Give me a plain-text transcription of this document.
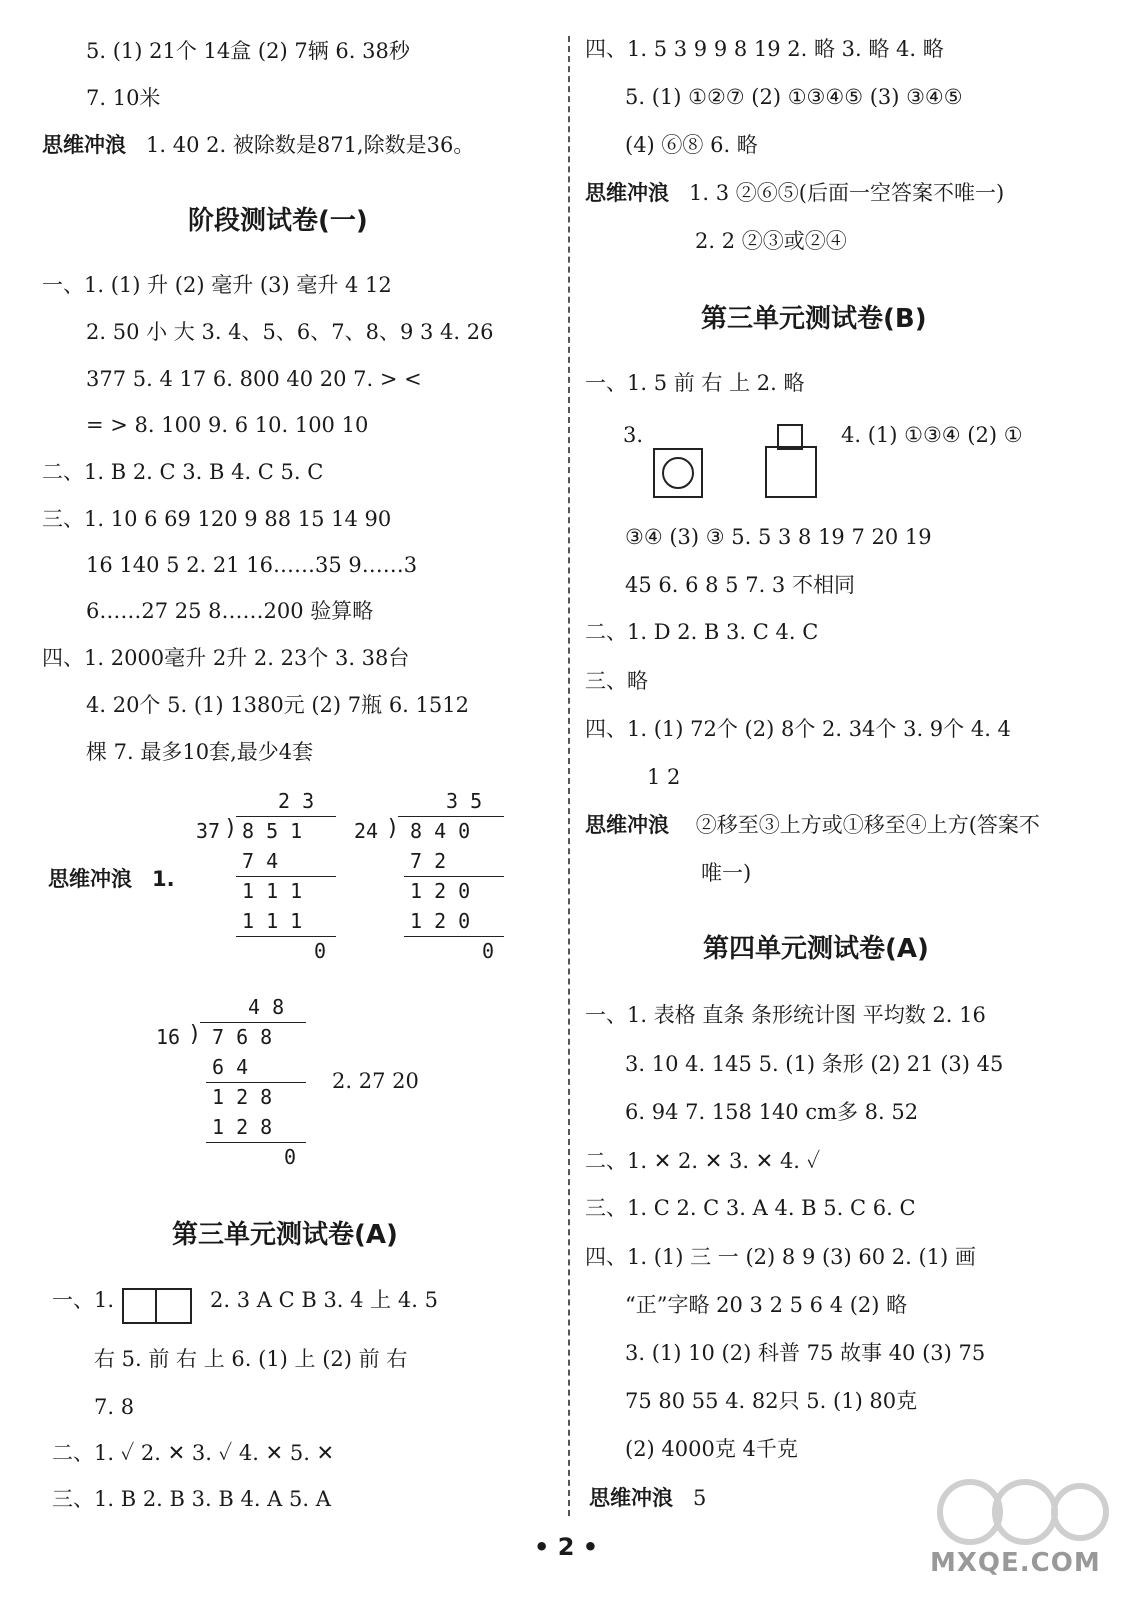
5. (1) 21个 14盒 (2) 7辆 6. 38秒
7. 10米
思维冲浪 1. 40 2. 被除数是871,除数是36。
阶段测试卷(一)
一、1. (1) 升 (2) 毫升 (3) 毫升 4 12
2. 50 小 大 3. 4、5、6、7、8、9 3 4. 26
377 5. 4 17 6. 800 40 20 7. > <
= > 8. 100 9. 6 10. 100 10
二、1. B 2. C 3. B 4. C 5. C
三、1. 10 6 69 120 9 88 15 14 90
16 140 5 2. 21 16……35 9……3
6……27 25 8……200 验算略
四、1. 2000毫升 2升 2. 23个 3. 38台
4. 20个 5. (1) 1380元 (2) 7瓶 6. 1512
棵 7. 最多10套,最少4套
思维冲浪 1.
2 3
37 ) 8 5 1
7 4
1 1 1
1 1 1
0
3 5
24 ) 8 4 0
7 2
1 2 0
1 2 0
0
4 8
16 ) 7 6 8
6 4
1 2 8
1 2 8
0
2. 27 20
第三单元测试卷(A)
一、1.	2. 3 A C B 3. 4 上 4. 5
右 5. 前 右 上 6. (1) 上 (2) 前 右
7. 8
二、1. ✓ 2. ✕ 3. ✓ 4. ✕ 5. ✕
三、1. B 2. B 3. B 4. A 5. A
四、1. 5 3 9 9 8 19 2. 略 3. 略 4. 略
5. (1) ①②⑦ (2) ①③④⑤ (3) ③④⑤
(4) ⑥⑧ 6. 略
思维冲浪 1. 3 ②⑥⑤(后面一空答案不唯一)
2. 2 ②③或②④
第三单元测试卷(B)
一、1. 5 前 右 上 2. 略
3.	4. (1) ①③④ (2) ①
③④ (3) ③ 5. 5 3 8 19 7 20 19
45 6. 6 8 5 7. 3 不相同
二、1. D 2. B 3. C 4. C
三、略
四、1. (1) 72个 (2) 8个 2. 34个 3. 9个 4. 4
1 2
思维冲浪 ②移至③上方或①移至④上方(答案不
唯一)
第四单元测试卷(A)
一、1. 表格 直条 条形统计图 平均数 2. 16
3. 10 4. 145 5. (1) 条形 (2) 21 (3) 45
6. 94 7. 158 140 cm多 8. 52
二、1. ✕ 2. ✕ 3. ✕ 4. ✓
三、1. C 2. C 3. A 4. B 5. C 6. C
四、1. (1) 三 一 (2) 8 9 (3) 60 2. (1) 画
“正”字略 20 3 2 5 6 4 (2) 略
3. (1) 10 (2) 科普 75 故事 40 (3) 75
75 80 55 4. 82只 5. (1) 80克
(2) 4000克 4千克
思维冲浪 5
• 2 •
MXQE.COM
